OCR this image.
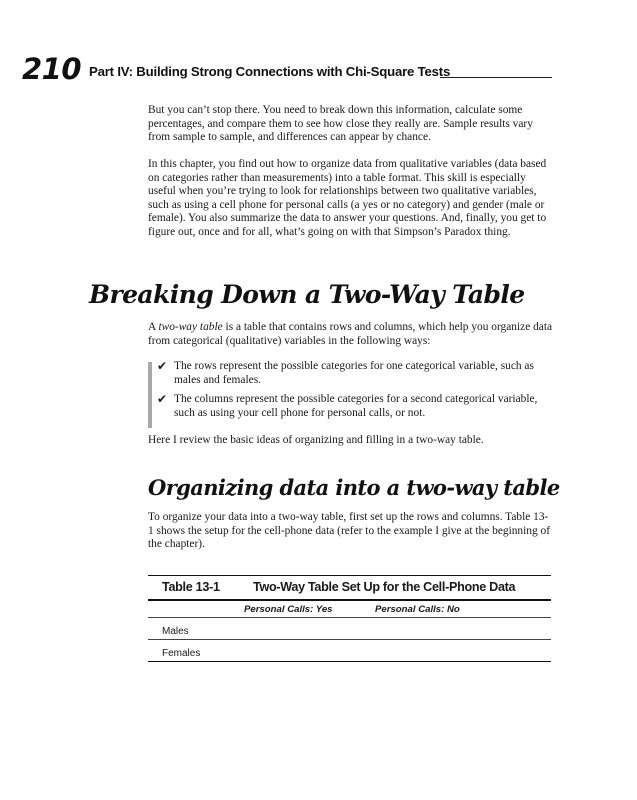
210 Part IV: Building Strong Connections with Chi-Square Tests

But you can’t stop there. You need to break down this information, calculate some percentages, and compare them to see how close they really are. Sample results vary from sample to sample, and differences can appear by chance.

In this chapter, you find out how to organize data from qualitative variables (data based on categories rather than measurements) into a table format. This skill is especially useful when you’re trying to look for relationships between two qualitative variables, such as using a cell phone for personal calls (a yes or no category) and gender (male or female). You also summarize the data to answer your questions. And, finally, you get to figure out, once and for all, what’s going on with that Simpson’s Paradox thing.

Breaking Down a Two-Way Table

A two-way table is a table that contains rows and columns, which help you organize data from categorical (qualitative) variables in the following ways:

✔ The rows represent the possible categories for one categorical variable, such as males and females.
✔ The columns represent the possible categories for a second categorical variable, such as using your cell phone for personal calls, or not.

Here I review the basic ideas of organizing and filling in a two-way table.

Organizing data into a two-way table

To organize your data into a two-way table, first set up the rows and columns. Table 13-1 shows the setup for the cell-phone data (refer to the example I give at the beginning of the chapter).

Table 13-1	Two-Way Table Set Up for the Cell-Phone Data
Personal Calls: Yes	Personal Calls: No
Males
Females
